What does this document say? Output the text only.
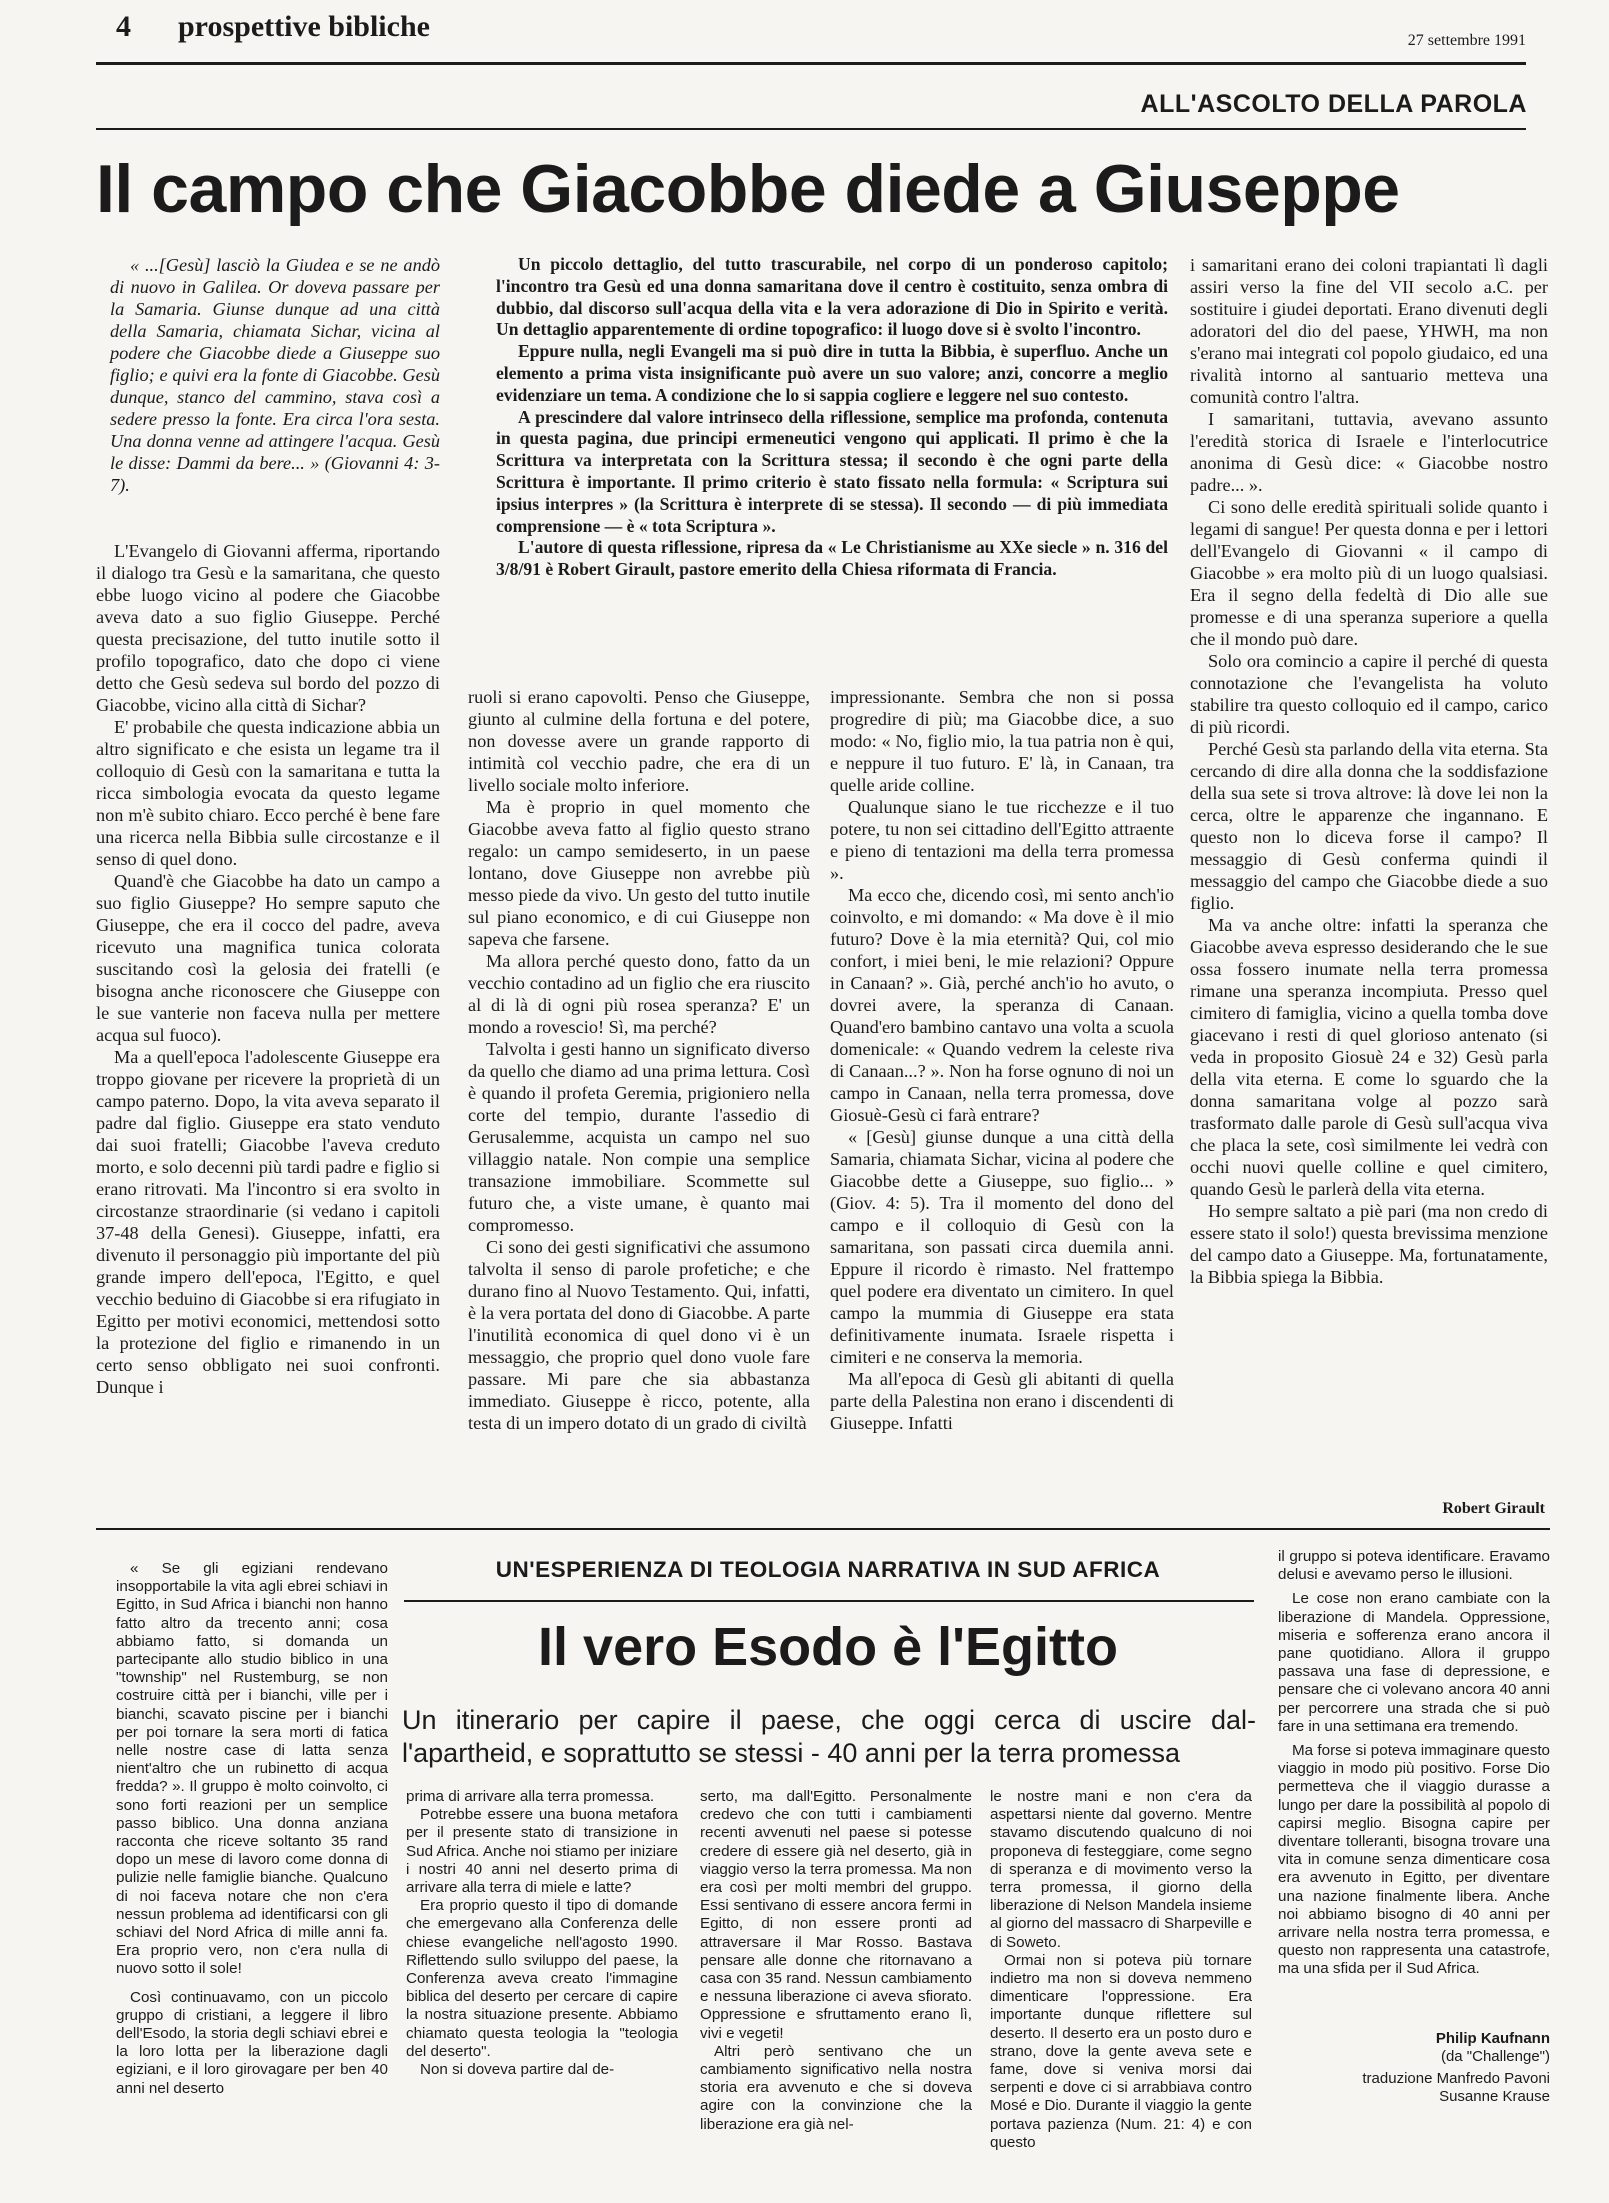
4 prospettive bibliche	27 settembre 1991
ALL'ASCOLTO DELLA PAROLA
Il campo che Giacobbe diede a Giuseppe

« ...[Gesù] lasciò la Giudea e se ne andò di nuovo in Galilea. Or doveva passare per la Samaria. Giunse dunque ad una città della Samaria, chiamata Sichar, vicina al podere che Giacobbe diede a Giuseppe suo figlio; e quivi era la fonte di Giacobbe. Gesù dunque, stanco del cammino, stava così a sedere presso la fonte. Era circa l'ora sesta. Una donna venne ad attingere l'acqua. Gesù le disse: Dammi da bere... » (Giovanni 4: 3-7).

Un piccolo dettaglio, del tutto trascurabile, nel corpo di un ponderoso capitolo; l'incontro tra Gesù ed una donna samaritana dove il centro è costituito, senza ombra di dubbio, dal discorso sull'acqua della vita e la vera adorazione di Dio in Spirito e verità. Un dettaglio apparentemente di ordine topografico: il luogo dove si è svolto l'incontro.

Eppure nulla, negli Evangeli ma si può dire in tutta la Bibbia, è superfluo. Anche un elemento a prima vista insignificante può avere un suo valore; anzi, concorre a meglio evidenziare un tema. A condizione che lo si sappia cogliere e leggere nel suo contesto.

A prescindere dal valore intrinseco della riflessione, semplice ma profonda, contenuta in questa pagina, due principi ermeneutici vengono qui applicati. Il primo è che la Scrittura va interpretata con la Scrittura stessa; il secondo è che ogni parte della Scrittura è importante. Il primo criterio è stato fissato nella formula: « Scriptura sui ipsius interpres » (la Scrittura è interprete di se stessa). Il secondo — di più immediata comprensione — è « tota Scriptura ».

L'autore di questa riflessione, ripresa da « Le Christianisme au XXe siecle » n. 316 del 3/8/91 è Robert Girault, pastore emerito della Chiesa riformata di Francia.

L'Evangelo di Giovanni afferma, riportando il dialogo tra Gesù e la samaritana, che questo ebbe luogo vicino al podere che Giacobbe aveva dato a suo figlio Giuseppe. Perché questa precisazione, del tutto inutile sotto il profilo topografico, dato che dopo ci viene detto che Gesù sedeva sul bordo del pozzo di Giacobbe, vicino alla città di Sichar?

E' probabile che questa indicazione abbia un altro significato e che esista un legame tra il colloquio di Gesù con la samaritana e tutta la ricca simbologia evocata da questo legame non m'è subito chiaro. Ecco perché è bene fare una ricerca nella Bibbia sulle circostanze e il senso di quel dono.

Quand'è che Giacobbe ha dato un campo a suo figlio Giuseppe? Ho sempre saputo che Giuseppe, che era il cocco del padre, aveva ricevuto una magnifica tunica colorata suscitando così la gelosia dei fratelli (e bisogna anche riconoscere che Giuseppe con le sue vanterie non faceva nulla per mettere acqua sul fuoco).

Ma a quell'epoca l'adolescente Giuseppe era troppo giovane per ricevere la proprietà di un campo paterno. Dopo, la vita aveva separato il padre dal figlio. Giuseppe era stato venduto dai suoi fratelli; Giacobbe l'aveva creduto morto, e solo decenni più tardi padre e figlio si erano ritrovati. Ma l'incontro si era svolto in circostanze straordinarie (si vedano i capitoli 37-48 della Genesi). Giuseppe, infatti, era divenuto il personaggio più importante del più grande impero dell'epoca, l'Egitto, e quel vecchio beduino di Giacobbe si era rifugiato in Egitto per motivi economici, mettendosi sotto la protezione del figlio e rimanendo in un certo senso obbligato nei suoi confronti. Dunque i

ruoli si erano capovolti. Penso che Giuseppe, giunto al culmine della fortuna e del potere, non dovesse avere un grande rapporto di intimità col vecchio padre, che era di un livello sociale molto inferiore.

Ma è proprio in quel momento che Giacobbe aveva fatto al figlio questo strano regalo: un campo semideserto, in un paese lontano, dove Giuseppe non avrebbe più messo piede da vivo. Un gesto del tutto inutile sul piano economico, e di cui Giuseppe non sapeva che farsene.

Ma allora perché questo dono, fatto da un vecchio contadino ad un figlio che era riuscito al di là di ogni più rosea speranza? E' un mondo a rovescio! Sì, ma perché?

Talvolta i gesti hanno un significato diverso da quello che diamo ad una prima lettura. Così è quando il profeta Geremia, prigioniero nella corte del tempio, durante l'assedio di Gerusalemme, acquista un campo nel suo villaggio natale. Non compie una semplice transazione immobiliare. Scommette sul futuro che, a viste umane, è quanto mai compromesso.

Ci sono dei gesti significativi che assumono talvolta il senso di parole profetiche; e che durano fino al Nuovo Testamento. Qui, infatti, è la vera portata del dono di Giacobbe. A parte l'inutilità economica di quel dono vi è un messaggio, che proprio quel dono vuole fare passare. Mi pare che sia abbastanza immediato. Giuseppe è ricco, potente, alla testa di un impero dotato di un grado di civiltà

impressionante. Sembra che non si possa progredire di più; ma Giacobbe dice, a suo modo: « No, figlio mio, la tua patria non è qui, e neppure il tuo futuro. E' là, in Canaan, tra quelle aride colline.

Qualunque siano le tue ricchezze e il tuo potere, tu non sei cittadino dell'Egitto attraente e pieno di tentazioni ma della terra promessa ».

Ma ecco che, dicendo così, mi sento anch'io coinvolto, e mi domando: « Ma dove è il mio futuro? Dove è la mia eternità? Qui, col mio confort, i miei beni, le mie relazioni? Oppure in Canaan? ». Già, perché anch'io ho avuto, o dovrei avere, la speranza di Canaan. Quand'ero bambino cantavo una volta a scuola domenicale: « Quando vedrem la celeste riva di Canaan...? ». Non ha forse ognuno di noi un campo in Canaan, nella terra promessa, dove Giosuè-Gesù ci farà entrare?

« [Gesù] giunse dunque a una città della Samaria, chiamata Sichar, vicina al podere che Giacobbe dette a Giuseppe, suo figlio... » (Giov. 4: 5). Tra il momento del dono del campo e il colloquio di Gesù con la samaritana, son passati circa duemila anni. Eppure il ricordo è rimasto. Nel frattempo quel podere era diventato un cimitero. In quel campo la mummia di Giuseppe era stata definitivamente inumata. Israele rispetta i cimiteri e ne conserva la memoria.

Ma all'epoca di Gesù gli abitanti di quella parte della Palestina non erano i discendenti di Giuseppe. Infatti

i samaritani erano dei coloni trapiantati lì dagli assiri verso la fine del VII secolo a.C. per sostituire i giudei deportati. Erano divenuti degli adoratori del dio del paese, YHWH, ma non s'erano mai integrati col popolo giudaico, ed una rivalità intorno al santuario metteva una comunità contro l'altra.

I samaritani, tuttavia, avevano assunto l'eredità storica di Israele e l'interlocutrice anonima di Gesù dice: « Giacobbe nostro padre... ».

Ci sono delle eredità spirituali solide quanto i legami di sangue! Per questa donna e per i lettori dell'Evangelo di Giovanni « il campo di Giacobbe » era molto più di un luogo qualsiasi. Era il segno della fedeltà di Dio alle sue promesse e di una speranza superiore a quella che il mondo può dare.

Solo ora comincio a capire il perché di questa connotazione che l'evangelista ha voluto stabilire tra questo colloquio ed il campo, carico di più ricordi.

Perché Gesù sta parlando della vita eterna. Sta cercando di dire alla donna che la soddisfazione della sua sete si trova altrove: là dove lei non la cerca, oltre le apparenze che ingannano. E questo non lo diceva forse il campo? Il messaggio di Gesù conferma quindi il messaggio del campo che Giacobbe diede a suo figlio.

Ma va anche oltre: infatti la speranza che Giacobbe aveva espresso desiderando che le sue ossa fossero inumate nella terra promessa rimane una speranza incompiuta. Presso quel cimitero di famiglia, vicino a quella tomba dove giacevano i resti di quel glorioso antenato (si veda in proposito Giosuè 24 e 32) Gesù parla della vita eterna. E come lo sguardo che la donna samaritana volge al pozzo sarà trasformato dalle parole di Gesù sull'acqua viva che placa la sete, così similmente lei vedrà con occhi nuovi quelle colline e quel cimitero, quando Gesù le parlerà della vita eterna.

Ho sempre saltato a piè pari (ma non credo di essere stato il solo!) questa brevissima menzione del campo dato a Giuseppe. Ma, fortunatamente, la Bibbia spiega la Bibbia.

Robert Girault

« Se gli egiziani rendevano insopportabile la vita agli ebrei schiavi in Egitto, in Sud Africa i bianchi non hanno fatto altro da trecento anni; cosa abbiamo fatto, si domanda un partecipante allo studio biblico in una "township" nel Rustemburg, se non costruire città per i bianchi, ville per i bianchi, scavato piscine per i bianchi per poi tornare la sera morti di fatica nelle nostre case di latta senza nient'altro che un rubinetto di acqua fredda? ». Il gruppo è molto coinvolto, ci sono forti reazioni per un semplice passo biblico. Una donna anziana racconta che riceve soltanto 35 rand dopo un mese di lavoro come donna di pulizie nelle famiglie bianche. Qualcuno di noi faceva notare che non c'era nessun problema ad identificarsi con gli schiavi del Nord Africa di mille anni fa. Era proprio vero, non c'era nulla di nuovo sotto il sole!

Così continuavamo, con un piccolo gruppo di cristiani, a leggere il libro dell'Esodo, la storia degli schiavi ebrei e la loro lotta per la liberazione dagli egiziani, e il loro girovagare per ben 40 anni nel deserto

UN'ESPERIENZA DI TEOLOGIA NARRATIVA IN SUD AFRICA
Il vero Esodo è l'Egitto
Un itinerario per capire il paese, che oggi cerca di uscire dal-l'apartheid, e soprattutto se stessi - 40 anni per la terra promessa

prima di arrivare alla terra promessa.

Potrebbe essere una buona metafora per il presente stato di transizione in Sud Africa. Anche noi stiamo per iniziare i nostri 40 anni nel deserto prima di arrivare alla terra di miele e latte?

Era proprio questo il tipo di domande che emergevano alla Conferenza delle chiese evangeliche nell'agosto 1990. Riflettendo sullo sviluppo del paese, la Conferenza aveva creato l'immagine biblica del deserto per cercare di capire la nostra situazione presente. Abbiamo chiamato questa teologia la "teologia del deserto".

Non si doveva partire dal de-

serto, ma dall'Egitto. Personalmente credevo che con tutti i cambiamenti recenti avvenuti nel paese si potesse credere di essere già nel deserto, già in viaggio verso la terra promessa. Ma non era così per molti membri del gruppo. Essi sentivano di essere ancora fermi in Egitto, di non essere pronti ad attraversare il Mar Rosso. Bastava pensare alle donne che ritornavano a casa con 35 rand. Nessun cambiamento e nessuna liberazione ci aveva sfiorato. Oppressione e sfruttamento erano lì, vivi e vegeti!

Altri però sentivano che un cambiamento significativo nella nostra storia era avvenuto e che si doveva agire con la convinzione che la liberazione era già nel-

le nostre mani e non c'era da aspettarsi niente dal governo. Mentre stavamo discutendo qualcuno di noi proponeva di festeggiare, come segno di speranza e di movimento verso la terra promessa, il giorno della liberazione di Nelson Mandela insieme al giorno del massacro di Sharpeville e di Soweto.

Ormai non si poteva più tornare indietro ma non si doveva nemmeno dimenticare l'oppressione. Era importante dunque riflettere sul deserto. Il deserto era un posto duro e strano, dove la gente aveva sete e fame, dove si veniva morsi dai serpenti e dove ci si arrabbiava contro Mosé e Dio. Durante il viaggio la gente portava pazienza (Num. 21: 4) e con questo

il gruppo si poteva identificare. Eravamo delusi e avevamo perso le illusioni.

Le cose non erano cambiate con la liberazione di Mandela. Oppressione, miseria e sofferenza erano ancora il pane quotidiano. Allora il gruppo passava una fase di depressione, e pensare che ci volevano ancora 40 anni per percorrere una strada che si può fare in una settimana era tremendo.

Ma forse si poteva immaginare questo viaggio in modo più positivo. Forse Dio permetteva che il viaggio durasse a lungo per dare la possibilità al popolo di capirsi meglio. Bisogna capire per diventare tolleranti, bisogna trovare una vita in comune senza dimenticare cosa era avvenuto in Egitto, per diventare una nazione finalmente libera. Anche noi abbiamo bisogno di 40 anni per arrivare nella nostra terra promessa, e questo non rappresenta una catastrofe, ma una sfida per il Sud Africa.

Philip Kaufnann
(da "Challenge")
traduzione Manfredo Pavoni
Susanne Krause
